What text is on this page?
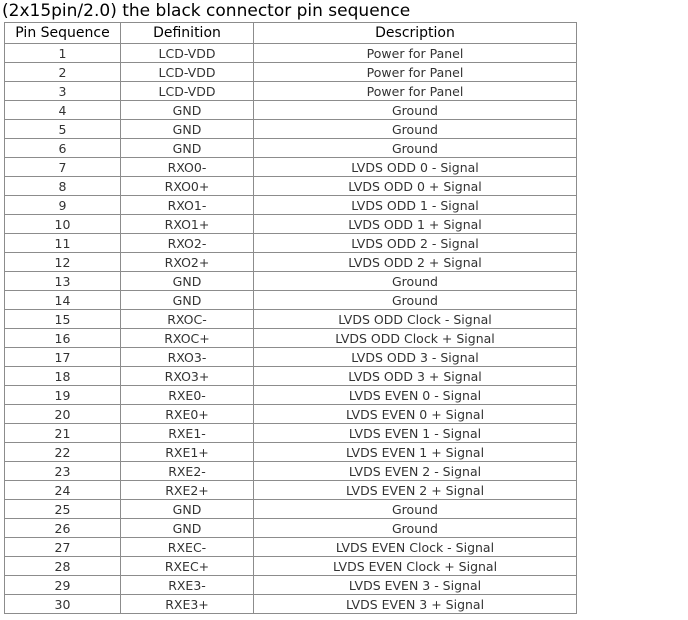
(2x15pin/2.0) the black connector pin sequence
Pin Sequence	Definition	Description
1	LCD-VDD	Power for Panel
2	LCD-VDD	Power for Panel
3	LCD-VDD	Power for Panel
4	GND	Ground
5	GND	Ground
6	GND	Ground
7	RXO0-	LVDS ODD 0 - Signal
8	RXO0+	LVDS ODD 0 + Signal
9	RXO1-	LVDS ODD 1 - Signal
10	RXO1+	LVDS ODD 1 + Signal
11	RXO2-	LVDS ODD 2 - Signal
12	RXO2+	LVDS ODD 2 + Signal
13	GND	Ground
14	GND	Ground
15	RXOC-	LVDS ODD Clock - Signal
16	RXOC+	LVDS ODD Clock + Signal
17	RXO3-	LVDS ODD 3 - Signal
18	RXO3+	LVDS ODD 3 + Signal
19	RXE0-	LVDS EVEN 0 - Signal
20	RXE0+	LVDS EVEN 0 + Signal
21	RXE1-	LVDS EVEN 1 - Signal
22	RXE1+	LVDS EVEN 1 + Signal
23	RXE2-	LVDS EVEN 2 - Signal
24	RXE2+	LVDS EVEN 2 + Signal
25	GND	Ground
26	GND	Ground
27	RXEC-	LVDS EVEN Clock - Signal
28	RXEC+	LVDS EVEN Clock + Signal
29	RXE3-	LVDS EVEN 3 - Signal
30	RXE3+	LVDS EVEN 3 + Signal
